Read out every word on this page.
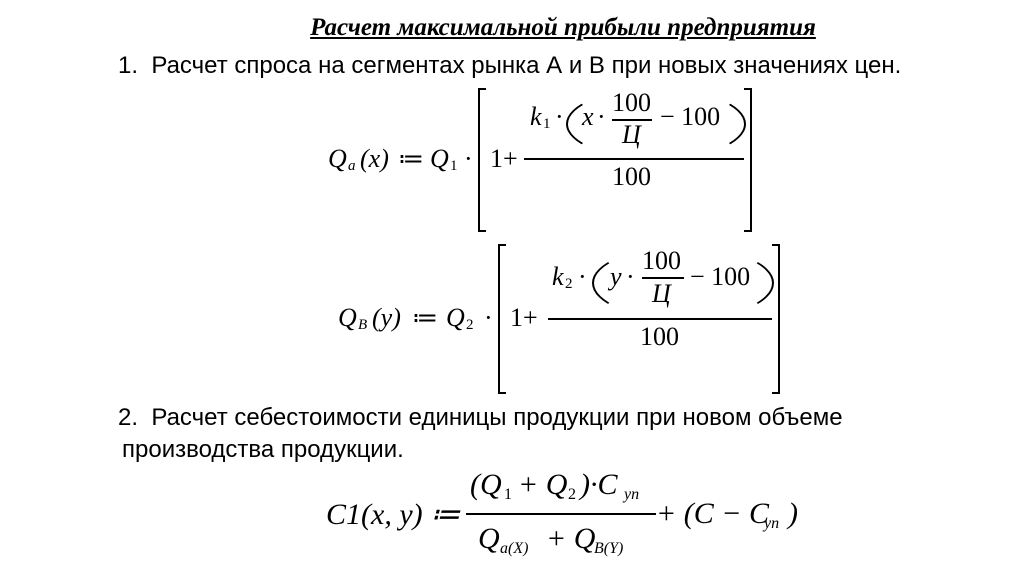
Расчет максимальной прибыли предприятия
1. Расчет спроса на сегментах рынка А и В при новых значениях цен.
Q a (x) ≔ Q 1 · 1+
k 1 · x · 100
Ц
− 100
100
Q B (y) ≔ Q 2 · 1+
k 2 · y ·
100
Ц
− 100
100
2. Расчет себестоимости единицы продукции при новом объеме
производства продукции.
C1(x, y) ≔
(Q 1 + Q 2 )·C уп
Q a(X) + Q
B(Y)
+ (C − C
уп )
